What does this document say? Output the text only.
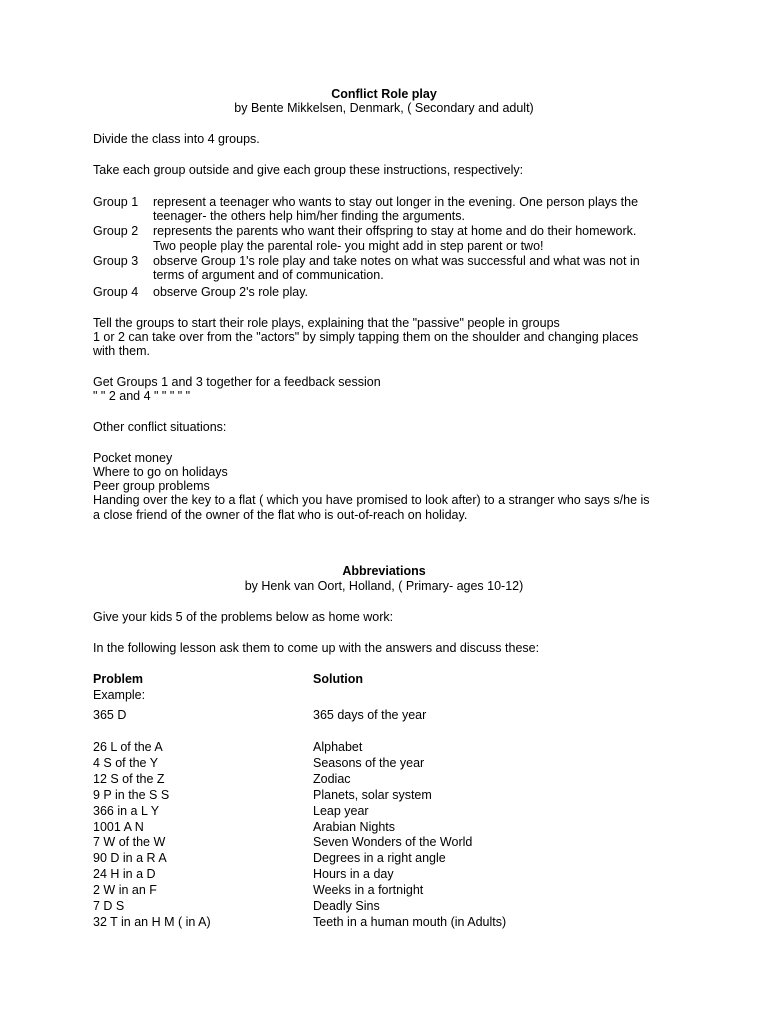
Conflict Role play
by Bente Mikkelsen, Denmark, ( Secondary and adult)
Divide the class into 4 groups.
Take each group outside and give each group these instructions, respectively:
Group 1 represent a teenager who wants to stay out longer in the evening. One person plays the
teenager- the others help him/her finding the arguments.
Group 2 represents the parents who want their offspring to stay at home and do their homework.
Two people play the parental role- you might add in step parent or two!
Group 3 observe Group 1's role play and take notes on what was successful and what was not in
terms of argument and of communication.
Group 4 observe Group 2's role play.
Tell the groups to start their role plays, explaining that the "passive" people in groups
1 or 2 can take over from the "actors" by simply tapping them on the shoulder and changing places
with them.
Get Groups 1 and 3 together for a feedback session
" " 2 and 4 " " " " "
Other conflict situations:
Pocket money
Where to go on holidays
Peer group problems
Handing over the key to a flat ( which you have promised to look after) to a stranger who says s/he is
a close friend of the owner of the flat who is out-of-reach on holiday.
Abbreviations
by Henk van Oort, Holland, ( Primary- ages 10-12)
Give your kids 5 of the problems below as home work:
In the following lesson ask them to come up with the answers and discuss these:
Problem	Solution
Example:
365 D	365 days of the year
26 L of the A	Alphabet
4 S of the Y	Seasons of the year
12 S of the Z	Zodiac
9 P in the S S	Planets, solar system
366 in a L Y	Leap year
1001 A N	Arabian Nights
7 W of the W	Seven Wonders of the World
90 D in a R A	Degrees in a right angle
24 H in a D	Hours in a day
2 W in an F	Weeks in a fortnight
7 D S	Deadly Sins
32 T in an H M ( in A)	Teeth in a human mouth (in Adults)
